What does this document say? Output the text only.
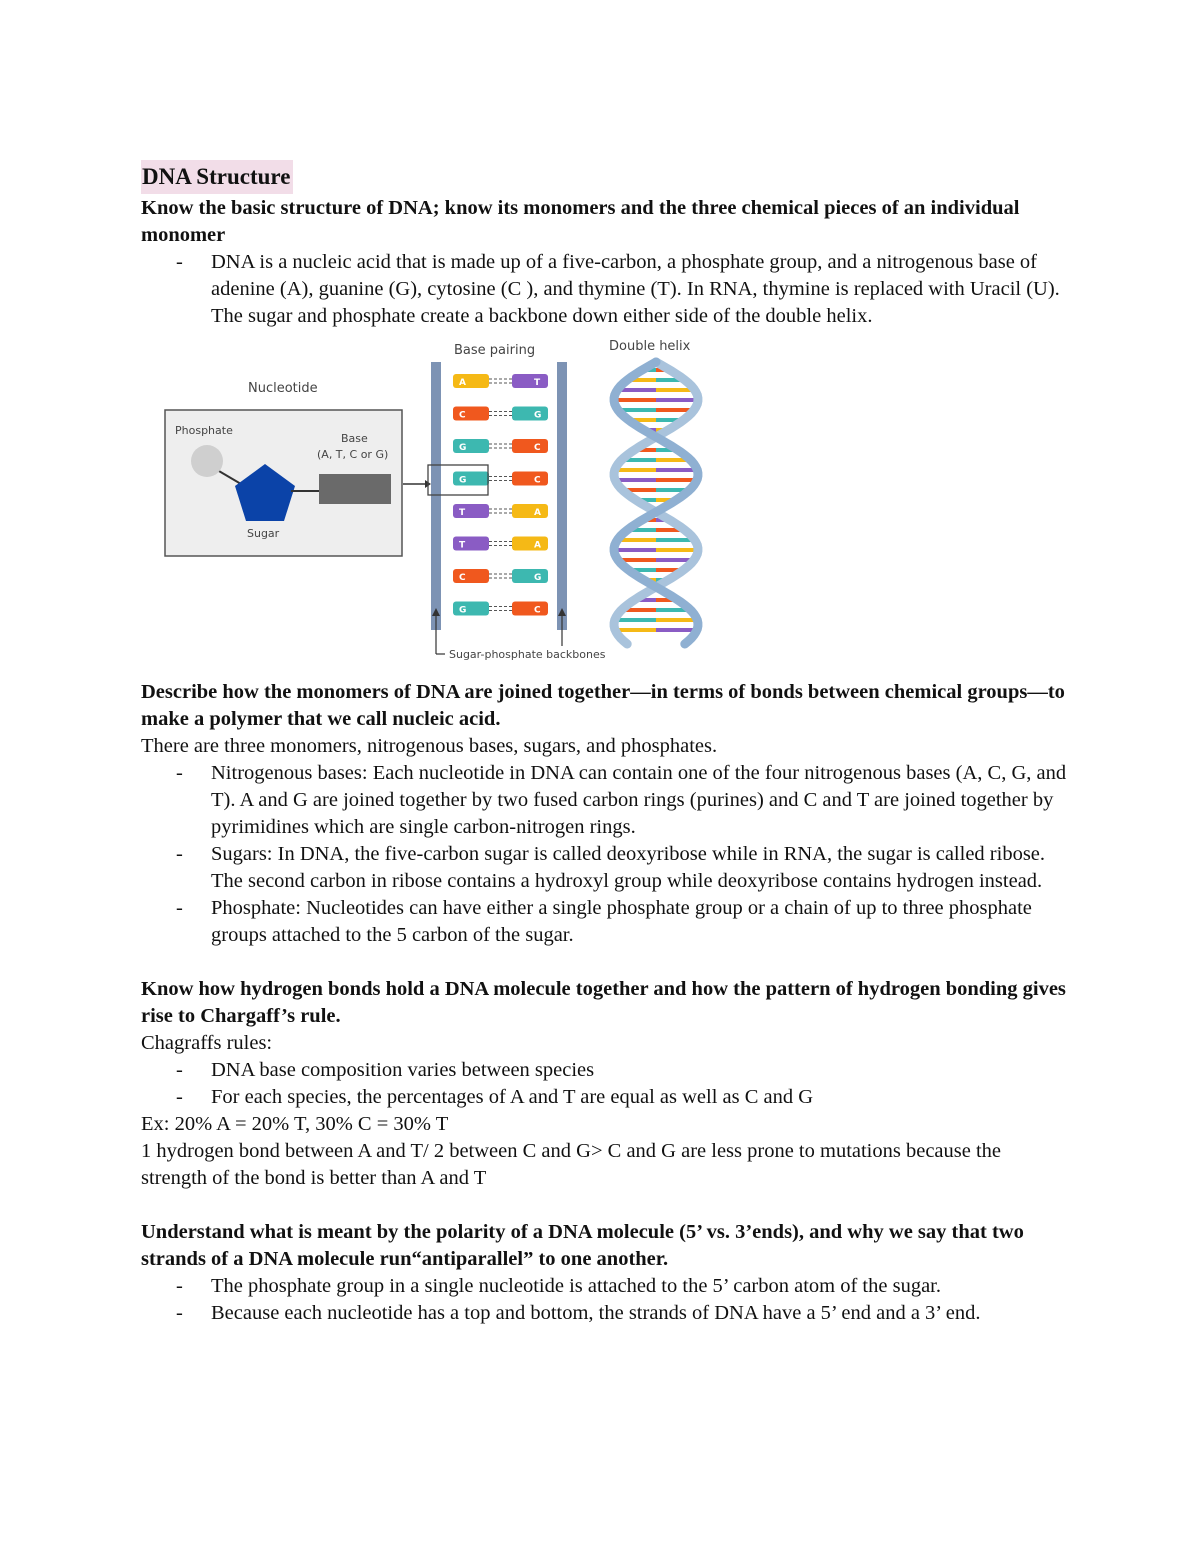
DNA Structure

Know the basic structure of DNA; know its monomers and the three chemical pieces of an individual monomer

- DNA is a nucleic acid that is made up of a five-carbon, a phosphate group, and a nitrogenous base of adenine (A), guanine (G), cytosine (C ), and thymine (T). In RNA, thymine is replaced with Uracil (U). The sugar and phosphate create a backbone down either side of the double helix.
Nucleotide
Phosphate
Sugar
Base
(A, T, C or G)
Base pairing
A	T
C	G
G	C
G	C
T	A
T	A
C	G
G	C
Sugar-phosphate backbones
Double helix

Describe how the monomers of DNA are joined together—in terms of bonds between chemical groups—to make a polymer that we call nucleic acid.

There are three monomers, nitrogenous bases, sugars, and phosphates.

- Nitrogenous bases: Each nucleotide in DNA can contain one of the four nitrogenous bases (A, C, G, and T). A and G are joined together by two fused carbon rings (purines) and C and T are joined together by pyrimidines which are single carbon-nitrogen rings.
- Sugars: In DNA, the five-carbon sugar is called deoxyribose while in RNA, the sugar is called ribose. The second carbon in ribose contains a hydroxyl group while deoxyribose contains hydrogen instead.
- Phosphate: Nucleotides can have either a single phosphate group or a chain of up to three phosphate groups attached to the 5 carbon of the sugar.

Know how hydrogen bonds hold a DNA molecule together and how the pattern of hydrogen bonding gives rise to Chargaff’s rule.

Chagraffs rules:

- DNA base composition varies between species
- For each species, the percentages of A and T are equal as well as C and G

Ex: 20% A = 20% T, 30% C = 30% T

1 hydrogen bond between A and T/ 2 between C and G> C and G are less prone to mutations because the strength of the bond is better than A and T

Understand what is meant by the polarity of a DNA molecule (5’ vs. 3’ends), and why we say that two strands of a DNA molecule run“antiparallel” to one another.

- The phosphate group in a single nucleotide is attached to the 5’ carbon atom of the sugar.
- Because each nucleotide has a top and bottom, the strands of DNA have a 5’ end and a 3’ end.
